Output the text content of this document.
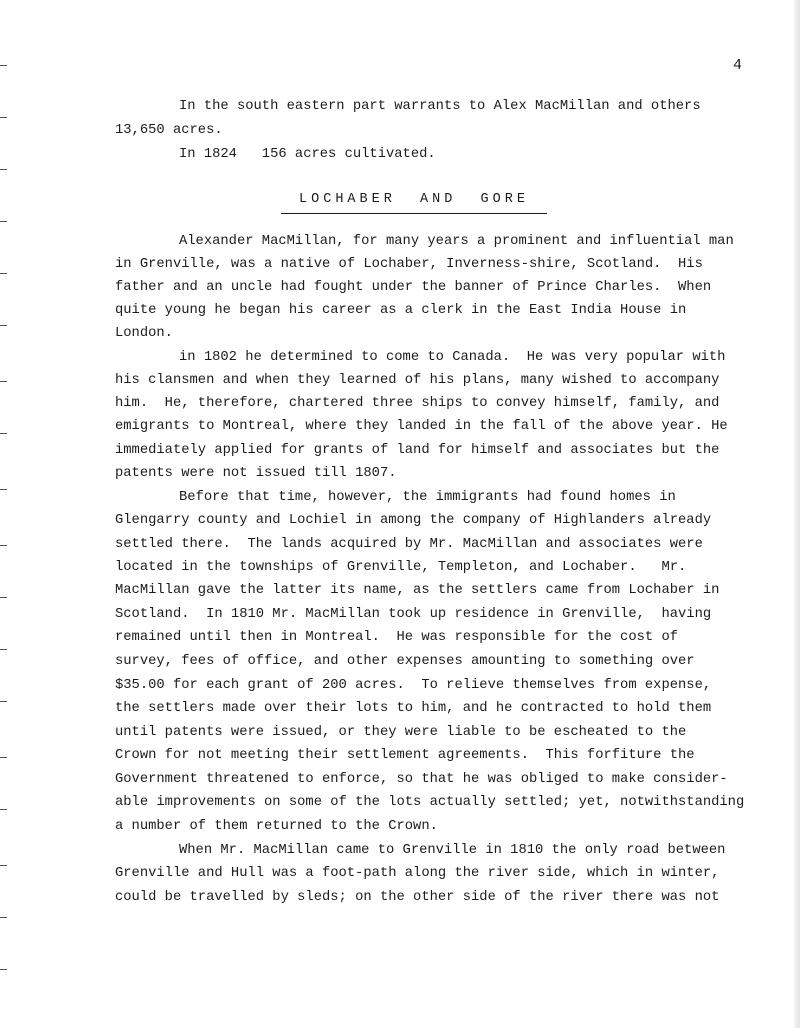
4
In the south eastern part warrants to Alex MacMillan and others
13,650 acres.
In 1824   156 acres cultivated.
LOCHABER  AND  GORE
Alexander MacMillan, for many years a prominent and influential man
in Grenville, was a native of Lochaber, Inverness-shire, Scotland.  His
father and an uncle had fought under the banner of Prince Charles.  When
quite young he began his career as a clerk in the East India House in
London.
in 1802 he determined to come to Canada.  He was very popular with
his clansmen and when they learned of his plans, many wished to accompany
him.  He, therefore, chartered three ships to convey himself, family, and
emigrants to Montreal, where they landed in the fall of the above year. He
immediately applied for grants of land for himself and associates but the
patents were not issued till 1807.
Before that time, however, the immigrants had found homes in
Glengarry county and Lochiel in among the company of Highlanders already
settled there.  The lands acquired by Mr. MacMillan and associates were
located in the townships of Grenville, Templeton, and Lochaber.   Mr.
MacMillan gave the latter its name, as the settlers came from Lochaber in
Scotland.  In 1810 Mr. MacMillan took up residence in Grenville,  having
remained until then in Montreal.  He was responsible for the cost of
survey, fees of office, and other expenses amounting to something over
$35.00 for each grant of 200 acres.  To relieve themselves from expense,
the settlers made over their lots to him, and he contracted to hold them
until patents were issued, or they were liable to be escheated to the
Crown for not meeting their settlement agreements.  This forfiture the
Government threatened to enforce, so that he was obliged to make consider-
able improvements on some of the lots actually settled; yet, notwithstanding
a number of them returned to the Crown.
When Mr. MacMillan came to Grenville in 1810 the only road between
Grenville and Hull was a foot-path along the river side, which in winter,
could be travelled by sleds; on the other side of the river there was not
